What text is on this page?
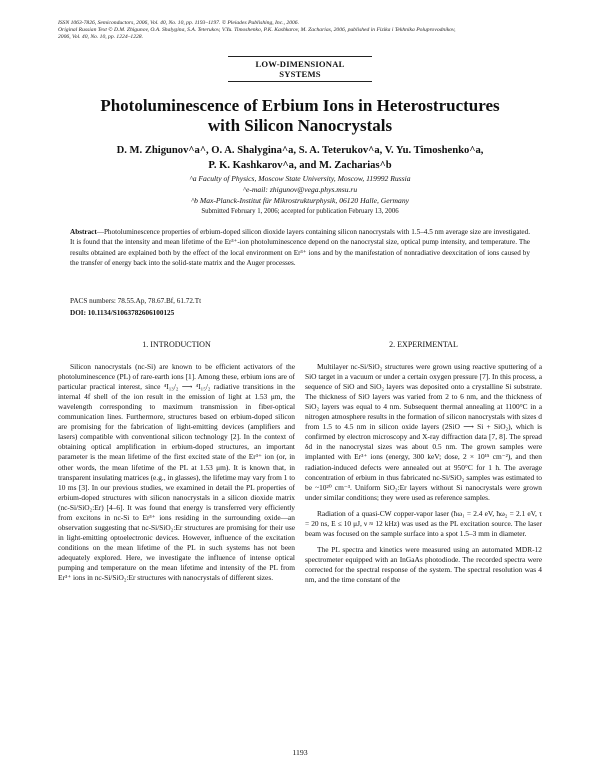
ISSN 1063-7826, Semiconductors, 2006, Vol. 40, No. 10, pp. 1193–1197. © Pleiades Publishing, Inc., 2006.
Original Russian Text © D.M. Zhigunov, O.A. Shalygina, S.A. Teterukov, V.Yu. Timoshenko, P.K. Kashkarov, M. Zacharias, 2006, published in Fizika i Tekhnika Poluprovodnikov,
2006, Vol. 40, No. 10, pp. 1224–1228.
LOW-DIMENSIONAL
SYSTEMS
Photoluminescence of Erbium Ions in Heterostructures
with Silicon Nanocrystals
D. M. Zhigunov^a^, O. A. Shalygina^a, S. A. Teterukov^a, V. Yu. Timoshenko^a,
P. K. Kashkarov^a, and M. Zacharias^b
^a Faculty of Physics, Moscow State University, Moscow, 119992 Russia
^e-mail: zhigunov@vega.phys.msu.ru
^b Max-Planck-Institut für Mikrostrukturphysik, 06120 Halle, Germany
Submitted February 1, 2006; accepted for publication February 13, 2006
Abstract—Photoluminescence properties of erbium-doped silicon dioxide layers containing silicon nanocrystals with 1.5–4.5 nm average size are investigated. It is found that the intensity and mean lifetime of the Er³⁺-ion photoluminescence depend on the nanocrystal size, optical pump intensity, and temperature. The results obtained are explained both by the effect of the local environment on Er³⁺ ions and by the manifestation of nonradiative deexcitation of ions caused by the transfer of energy back into the solid-state matrix and the Auger processes.
PACS numbers: 78.55.Ap, 78.67.Bf, 61.72.Tt
DOI: 10.1134/S1063782606100125
1. INTRODUCTION

Silicon nanocrystals (nc-Si) are known to be efficient activators of the photoluminescence (PL) of rare-earth ions [1]. Among these, erbium ions are of particular practical interest, since ⁴I₁₃/₂ ⟶ ⁴I₁₅/₂ radiative transitions in the internal 4f shell of the ion result in the emission of light at 1.53 μm, the wavelength corresponding to maximum transmission in fiber-optical communication lines. Furthermore, structures based on erbium-doped silicon are promising for the fabrication of light-emitting devices (amplifiers and lasers) compatible with conventional silicon technology [2]. In the context of obtaining optical amplification in erbium-doped structures, an important parameter is the mean lifetime of the first excited state of the Er³⁺ ion (or, in other words, the mean lifetime of the PL at 1.53 μm). It is known that, in transparent insulating matrices (e.g., in glasses), the lifetime may vary from 1 to 10 ms [3]. In our previous studies, we examined in detail the PL properties of erbium-doped structures with silicon nanocrystals in a silicon dioxide matrix (nc-Si/SiO₂:Er) [4–6]. It was found that energy is transferred very efficiently from excitons in nc-Si to Er³⁺ ions residing in the surrounding oxide—an observation suggesting that nc-Si/SiO₂:Er structures are promising for their use in light-emitting optoelectronic devices. However, influence of the excitation conditions on the mean lifetime of the PL in such systems has not been adequately explored. Here, we investigate the influence of intense optical pumping and temperature on the mean lifetime and intensity of the PL from Er³⁺ ions in nc-Si/SiO₂:Er structures with nanocrystals of different sizes.

2. EXPERIMENTAL

Multilayer nc-Si/SiO₂ structures were grown using reactive sputtering of a SiO target in a vacuum or under a certain oxygen pressure [7]. In this process, a sequence of SiO and SiO₂ layers was deposited onto a crystalline Si substrate. The thickness of SiO layers was varied from 2 to 6 nm, and the thickness of SiO₂ layers was equal to 4 nm. Subsequent thermal annealing at 1100°C in a nitrogen atmosphere results in the formation of silicon nanocrystals with sizes d from 1.5 to 4.5 nm in silicon oxide layers (2SiO ⟶ Si + SiO₂), which is confirmed by electron microscopy and X-ray diffraction data [7, 8]. The spread δd in the nanocrystal sizes was about 0.5 nm. The grown samples were implanted with Er³⁺ ions (energy, 300 keV; dose, 2 × 10¹⁵ cm⁻²), and then radiation-induced defects were annealed out at 950°C for 1 h. The average concentration of erbium in thus fabricated nc-Si/SiO₂ samples was estimated to be ~10²⁰ cm⁻³. Uniform SiO₂:Er layers without Si nanocrystals were grown under similar conditions; they were used as reference samples.

Radiation of a quasi-CW copper-vapor laser (ħω₁ = 2.4 eV, ħω₂ = 2.1 eV, τ = 20 ns, E ≤ 10 μJ, ν ≈ 12 kHz) was used as the PL excitation source. The laser beam was focused on the sample surface into a spot 1.5–3 mm in diameter.

The PL spectra and kinetics were measured using an automated MDR-12 spectrometer equipped with an InGaAs photodiode. The recorded spectra were corrected for the spectral response of the system. The spectral resolution was 4 nm, and the time constant of the

1193
